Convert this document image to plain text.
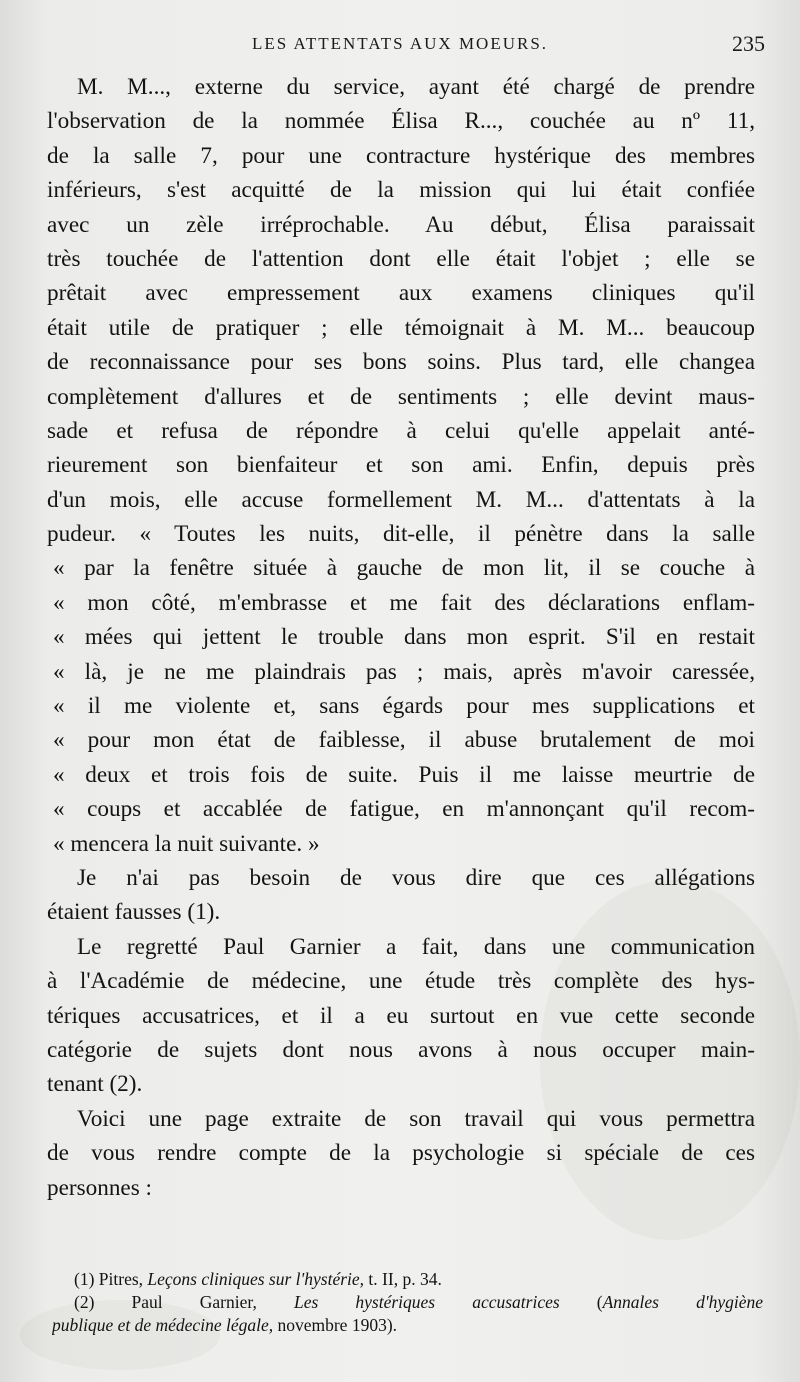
LES ATTENTATS AUX MOEURS.	235
M. M..., externe du service, ayant été chargé de prendre
l'observation de la nommée Élisa R..., couchée au nº 11,
de la salle 7, pour une contracture hystérique des membres
inférieurs, s'est acquitté de la mission qui lui était confiée
avec un zèle irréprochable. Au début, Élisa paraissait
très touchée de l'attention dont elle était l'objet ; elle se
prêtait avec empressement aux examens cliniques qu'il
était utile de pratiquer ; elle témoignait à M. M... beaucoup
de reconnaissance pour ses bons soins. Plus tard, elle changea
complètement d'allures et de sentiments ; elle devint maus-
sade et refusa de répondre à celui qu'elle appelait anté-
rieurement son bienfaiteur et son ami. Enfin, depuis près
d'un mois, elle accuse formellement M. M... d'attentats à la
pudeur. « Toutes les nuits, dit-elle, il pénètre dans la salle
« par la fenêtre située à gauche de mon lit, il se couche à
« mon côté, m'embrasse et me fait des déclarations enflam-
« mées qui jettent le trouble dans mon esprit. S'il en restait
« là, je ne me plaindrais pas ; mais, après m'avoir caressée,
« il me violente et, sans égards pour mes supplications et
« pour mon état de faiblesse, il abuse brutalement de moi
« deux et trois fois de suite. Puis il me laisse meurtrie de
« coups et accablée de fatigue, en m'annonçant qu'il recom-
« mencera la nuit suivante. »
Je n'ai pas besoin de vous dire que ces allégations
étaient fausses (1).
Le regretté Paul Garnier a fait, dans une communication
à l'Académie de médecine, une étude très complète des hys-
tériques accusatrices, et il a eu surtout en vue cette seconde
catégorie de sujets dont nous avons à nous occuper main-
tenant (2).
Voici une page extraite de son travail qui vous permettra
de vous rendre compte de la psychologie si spéciale de ces
personnes :
(1) Pitres, Leçons cliniques sur l'hystérie, t. II, p. 34.
(2) Paul Garnier, Les hystériques accusatrices (Annales d'hygiène
publique et de médecine légale, novembre 1903).
